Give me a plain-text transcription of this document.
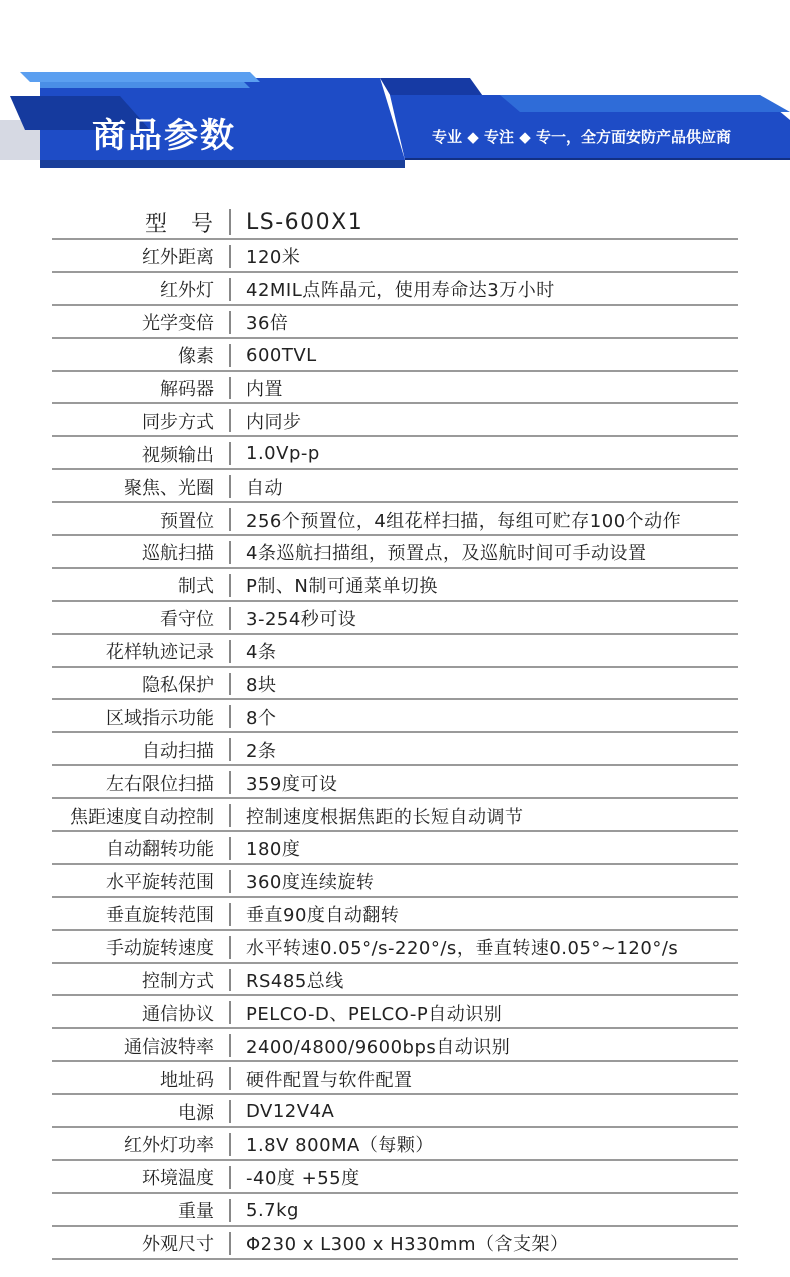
商品参数	专业 ◆ 专注 ◆ 专一，全方面安防产品供应商
型　号 LS-600X1
红外距离 120米
红外灯 42MIL点阵晶元，使用寿命达3万小时
光学变倍 36倍
像素 600TVL
解码器 内置
同步方式 内同步
视频输出 1.0Vp-p
聚焦、光圈 自动
预置位 256个预置位，4组花样扫描，每组可贮存100个动作
巡航扫描 4条巡航扫描组，预置点，及巡航时间可手动设置
制式 P制、N制可通菜单切换
看守位 3-254秒可设
花样轨迹记录 4条
隐私保护 8块
区域指示功能 8个
自动扫描 2条
左右限位扫描 359度可设
焦距速度自动控制 控制速度根据焦距的长短自动调节
自动翻转功能 180度
水平旋转范围 360度连续旋转
垂直旋转范围 垂直90度自动翻转
手动旋转速度 水平转速0.05°/s-220°/s，垂直转速0.05°~120°/s
控制方式 RS485总线
通信协议 PELCO-D、PELCO-P自动识别
通信波特率 2400/4800/9600bps自动识别
地址码 硬件配置与软件配置
电源 DV12V4A
红外灯功率 1.8V 800MA（每颗）
环境温度 -40度 +55度
重量 5.7kg
外观尺寸 Φ230 x L300 x H330mm（含支架）
